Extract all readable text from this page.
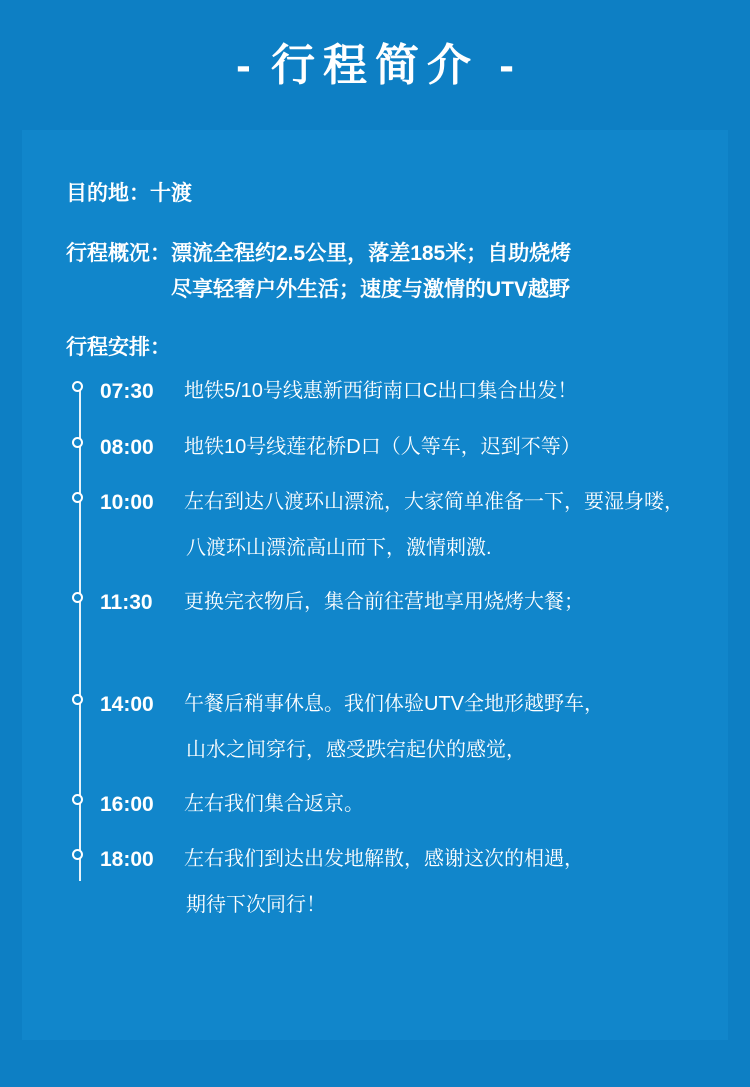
- 行程简介 -
目的地：十渡
行程概况： 漂流全程约2.5公里，落差185米；自助烧烤
尽享轻奢户外生活；速度与激情的UTV越野
行程安排：
07:30	地铁5/10号线惠新西街南口C出口集合出发！
08:00	地铁10号线莲花桥D口（人等车，迟到不等）
10:00	左右到达八渡环山漂流，大家简单准备一下，要湿身喽，
八渡环山漂流高山而下，激情刺激.
11:30	更换完衣物后，集合前往营地享用烧烤大餐；
14:00	午餐后稍事休息。我们体验UTV全地形越野车，
山水之间穿行，感受跌宕起伏的感觉，
16:00	左右我们集合返京。
18:00	左右我们到达出发地解散，感谢这次的相遇，
期待下次同行！
